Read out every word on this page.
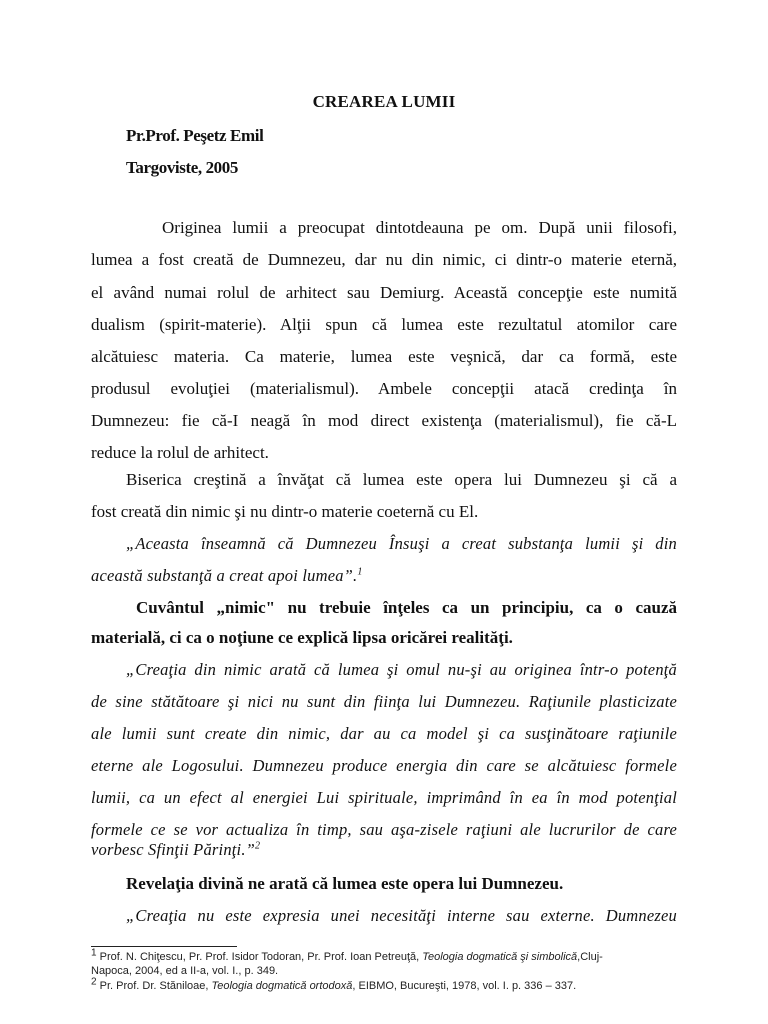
CREAREA LUMII
Pr.Prof. Peşetz Emil
Targoviste, 2005
Originea lumii a preocupat dintotdeauna pe om. După unii filosofi,
lumea a fost creată de Dumnezeu, dar nu din nimic, ci dintr-o materie eternă,
el având numai rolul de arhitect sau Demiurg. Această concepţie este numită
dualism (spirit-materie). Alţii spun că lumea este rezultatul atomilor care
alcătuiesc materia. Ca materie, lumea este veşnică, dar ca formă, este
produsul evoluţiei (materialismul). Ambele concepţii atacă credinţa în
Dumnezeu: fie că-I neagă în mod direct existenţa (materialismul), fie că-L
reduce la rolul de arhitect.
Biserica creştină a învăţat că lumea este opera lui Dumnezeu şi că a
fost creată din nimic şi nu dintr-o materie coeternă cu El.
„Aceasta înseamnă că Dumnezeu Însuşi a creat substanţa lumii şi din
această substanţă a creat apoi lumea”.$^1$
Cuvântul „nimic" nu trebuie înţeles ca un principiu, ca o cauză
materială, ci ca o noţiune ce explică lipsa oricărei realităţi.
„Creaţia din nimic arată că lumea şi omul nu-şi au originea într-o potenţă
de sine stătătoare şi nici nu sunt din fiinţa lui Dumnezeu. Raţiunile plasticizate
ale lumii sunt create din nimic, dar au ca model şi ca susţinătoare raţiunile
eterne ale Logosului. Dumnezeu produce energia din care se alcătuiesc formele
lumii, ca un efect al energiei Lui spirituale, imprimând în ea în mod potenţial
formele ce se vor actualiza în timp, sau aşa-zisele raţiuni ale lucrurilor de care
vorbesc Sfinţii Părinţi.”$^2$
Revelaţia divină ne arată că lumea este opera lui Dumnezeu.
„Creaţia nu este expresia unei necesităţi interne sau externe. Dumnezeu
$^1$ Prof. N. Chiţescu, Pr. Prof. Isidor Todoran, Pr. Prof. Ioan Petreuţă, Teologia dogmatică şi simbolică,Cluj-
Napoca, 2004, ed a II-a, vol. I., p. 349.
$^2$ Pr. Prof. Dr. Stăniloae, Teologia dogmatică ortodoxă, EIBMO, Bucureşti, 1978, vol. I. p. 336 – 337.
